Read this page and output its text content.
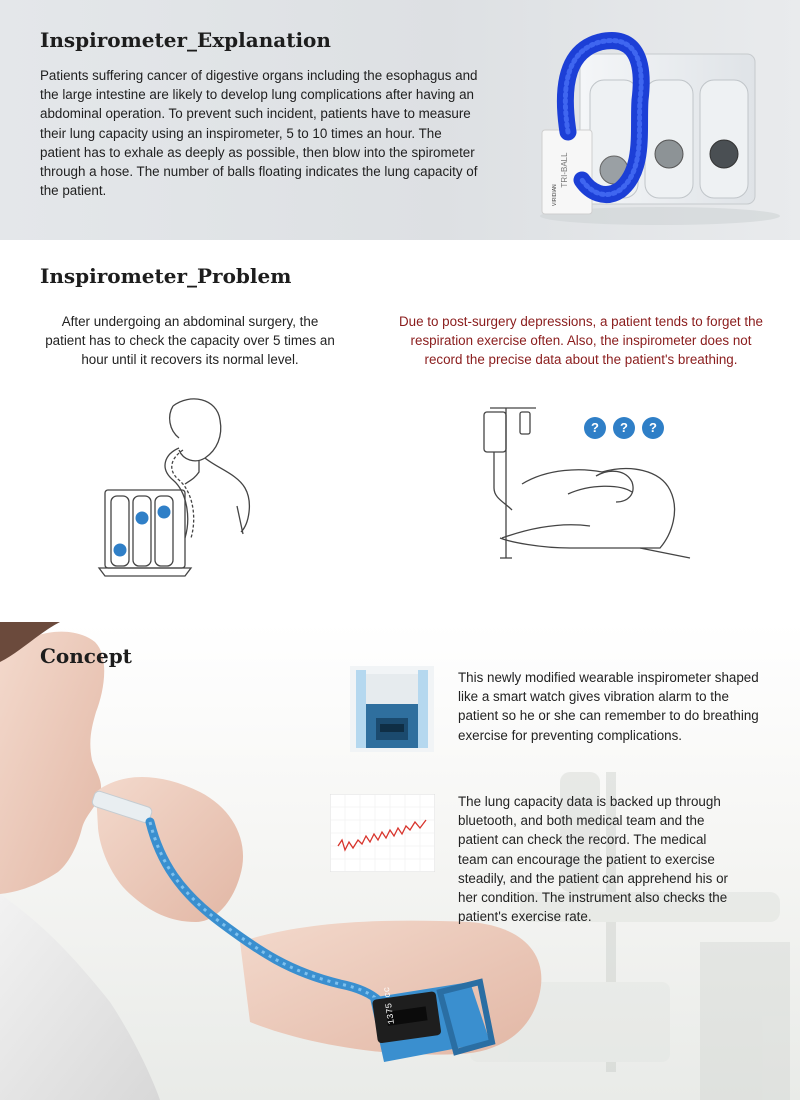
Inspirometer_Explanation

Patients suffering cancer of digestive organs including the esophagus and the large intestine are likely to develop lung complications after having an abdominal operation. To prevent such incident, patients have to measure their lung capacity using an inspirometer, 5 to 10 times an hour. The patient has to exhale as deeply as possible, then blow into the spirometer through a hose. The number of balls floating indicates the lung capacity of the patient.

TRI-BALL
VIRIDIAN
Inspirometer_Problem

After undergoing an abdominal surgery, the patient has to check the capacity over 5 times an hour until it recovers its normal level.

Due to post-surgery depressions, a patient tends to forget the respiration exercise often. Also, the inspirometer does not record the precise data about the patient's breathing.

?	?	?
1375 cc
Concept

This newly modified wearable inspirometer shaped like a smart watch gives vibration alarm to the patient so he or she can remember to do breathing exercise for preventing complications.

The lung capacity data is backed up through bluetooth, and both medical team and the patient can check the record. The medical team can encourage the patient to exercise steadily, and the patient can apprehend his or her condition. The instrument also checks the patient's exercise rate.
